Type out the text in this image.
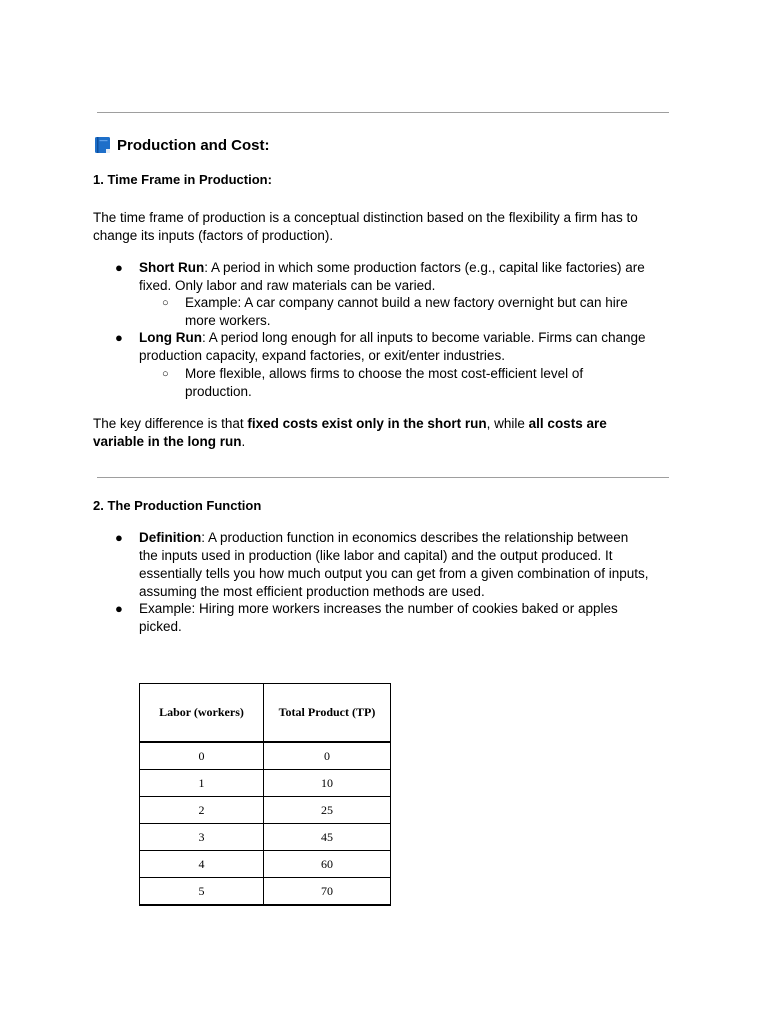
Production and Cost:
1. Time Frame in Production:
The time frame of production is a conceptual distinction based on the flexibility a firm has to
change its inputs (factors of production).
● Short Run: A period in which some production factors (e.g., capital like factories) are
fixed. Only labor and raw materials can be varied.
○ Example: A car company cannot build a new factory overnight but can hire
more workers.
● Long Run: A period long enough for all inputs to become variable. Firms can change
production capacity, expand factories, or exit/enter industries.
○ More flexible, allows firms to choose the most cost-efficient level of
production.
The key difference is that fixed costs exist only in the short run, while all costs are
variable in the long run.
2. The Production Function
● Definition: A production function in economics describes the relationship between
the inputs used in production (like labor and capital) and the output produced. It
essentially tells you how much output you can get from a given combination of inputs,
assuming the most efficient production methods are used.
● Example: Hiring more workers increases the number of cookies baked or apples
picked.
Labor (workers)	Total Product (TP)
0	0
1	10
2	25
3	45
4	60
5	70
